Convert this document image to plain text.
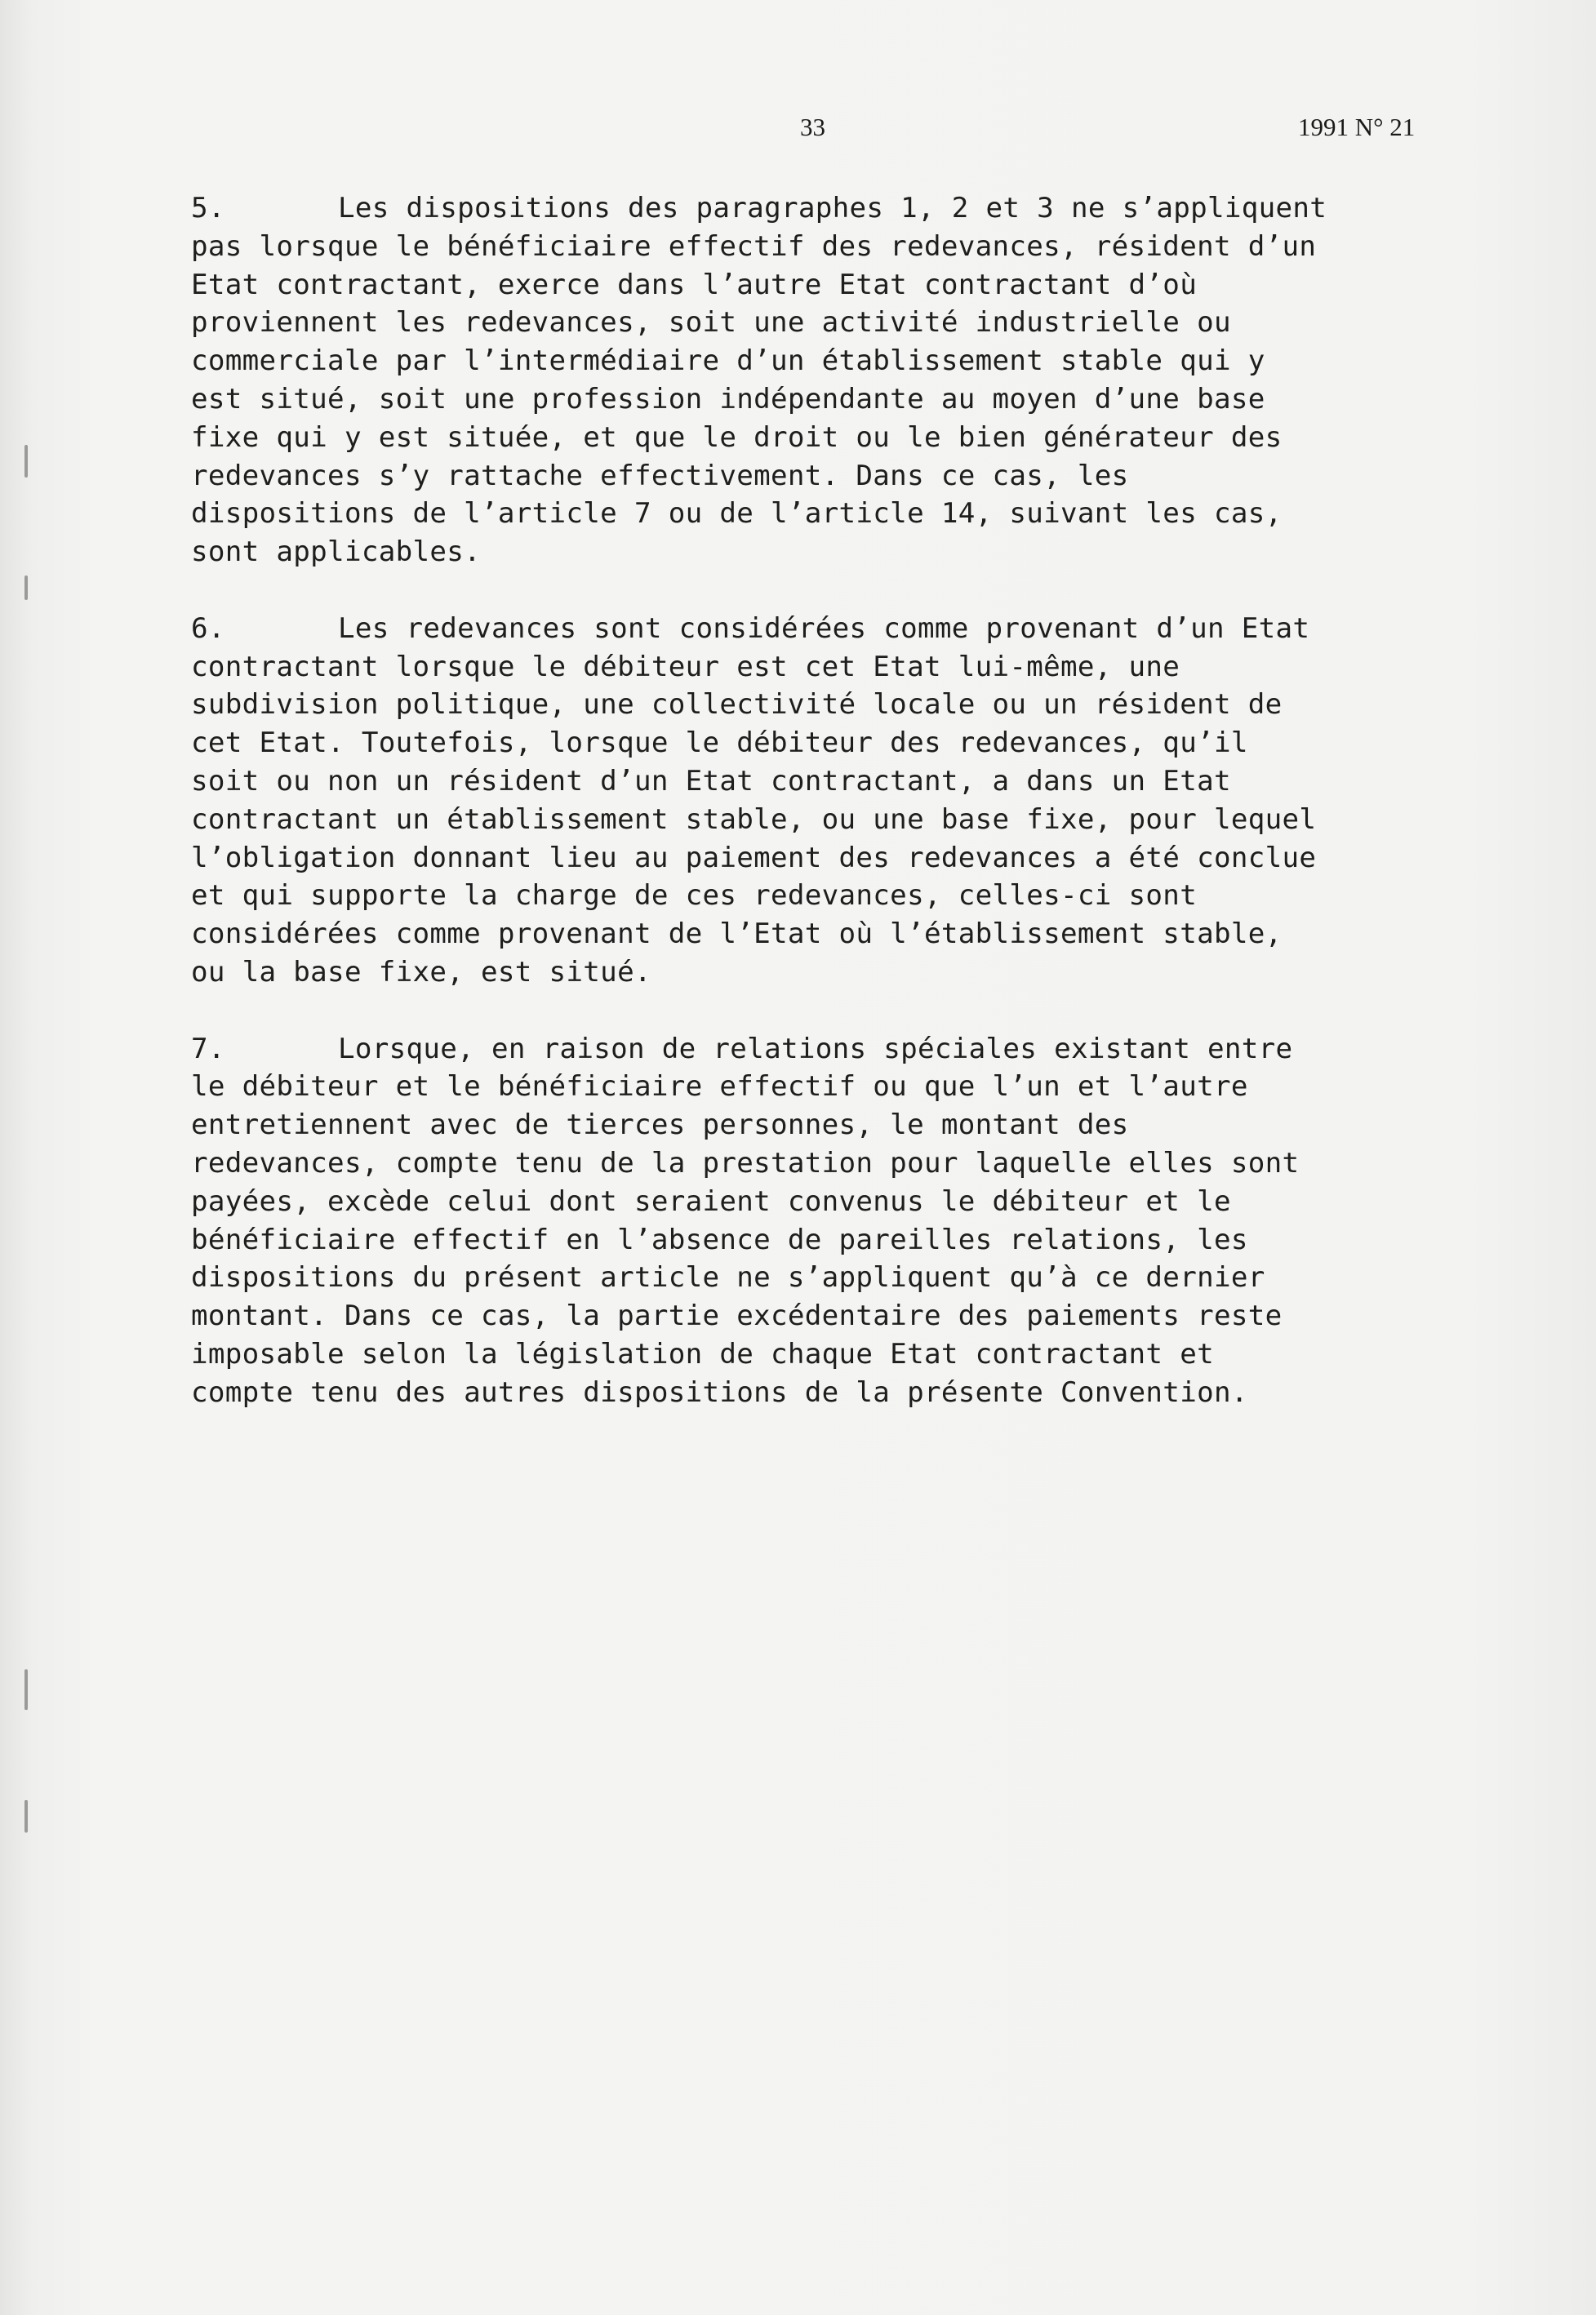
33	1991 N° 21
5.	Les dispositions des paragraphes 1, 2 et 3 ne s’appliquent
pas lorsque le bénéficiaire effectif des redevances, résident d’un
Etat contractant, exerce dans l’autre Etat contractant d’où
proviennent les redevances, soit une activité industrielle ou
commerciale par l’intermédiaire d’un établissement stable qui y
est situé, soit une profession indépendante au moyen d’une base
fixe qui y est située, et que le droit ou le bien générateur des
redevances s’y rattache effectivement. Dans ce cas, les
dispositions de l’article 7 ou de l’article 14, suivant les cas,
sont applicables.
6.	Les redevances sont considérées comme provenant d’un Etat
contractant lorsque le débiteur est cet Etat lui-même, une
subdivision politique, une collectivité locale ou un résident de
cet Etat. Toutefois, lorsque le débiteur des redevances, qu’il
soit ou non un résident d’un Etat contractant, a dans un Etat
contractant un établissement stable, ou une base fixe, pour lequel
l’obligation donnant lieu au paiement des redevances a été conclue
et qui supporte la charge de ces redevances, celles-ci sont
considérées comme provenant de l’Etat où l’établissement stable,
ou la base fixe, est situé.
7.	Lorsque, en raison de relations spéciales existant entre
le débiteur et le bénéficiaire effectif ou que l’un et l’autre
entretiennent avec de tierces personnes, le montant des
redevances, compte tenu de la prestation pour laquelle elles sont
payées, excède celui dont seraient convenus le débiteur et le
bénéficiaire effectif en l’absence de pareilles relations, les
dispositions du présent article ne s’appliquent qu’à ce dernier
montant. Dans ce cas, la partie excédentaire des paiements reste
imposable selon la législation de chaque Etat contractant et
compte tenu des autres dispositions de la présente Convention.
